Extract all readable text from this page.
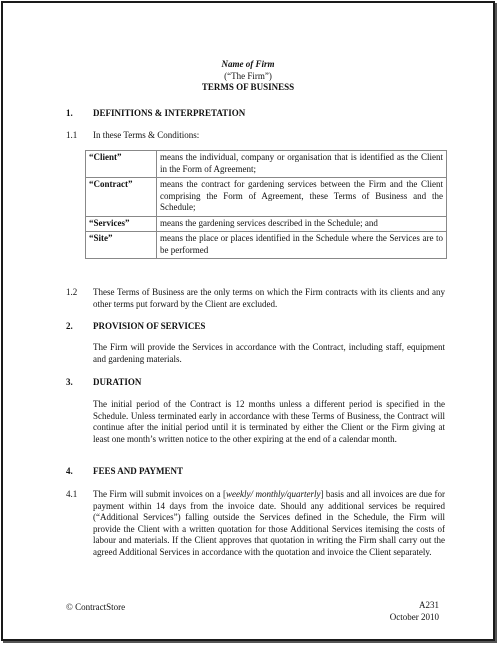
Name of Firm
(“The Firm”)
TERMS OF BUSINESS
1. DEFINITIONS & INTERPRETATION
1.1 In these Terms & Conditions:
“Client”	means the individual, company or organisation that is identified as the Client in the Form of Agreement;
“Contract”	means the contract for gardening services between the Firm and the Client comprising the Form of Agreement, these Terms of Business and the Schedule;
“Services”	means the gardening services described in the Schedule; and
“Site”	means the place or places identified in the Schedule where the Services are to be performed
1.2 These Terms of Business are the only terms on which the Firm contracts with its clients and any other terms put forward by the Client are excluded.
2. PROVISION OF SERVICES
The Firm will provide the Services in accordance with the Contract, including staff, equipment and gardening materials.
3. DURATION
The initial period of the Contract is 12 months unless a different period is specified in the Schedule. Unless terminated early in accordance with these Terms of Business, the Contract will continue after the initial period until it is terminated by either the Client or the Firm giving at least one month’s written notice to the other expiring at the end of a calendar month.
4. FEES AND PAYMENT
4.1 The Firm will submit invoices on a [weekly/ monthly/quarterly] basis and all invoices are due for payment within 14 days from the invoice date. Should any additional services be required (“Additional Services”) falling outside the Services defined in the Schedule, the Firm will provide the Client with a written quotation for those Additional Services itemising the costs of labour and materials. If the Client approves that quotation in writing the Firm shall carry out the agreed Additional Services in accordance with the quotation and invoice the Client separately.
© ContractStore	A231
October 2010
